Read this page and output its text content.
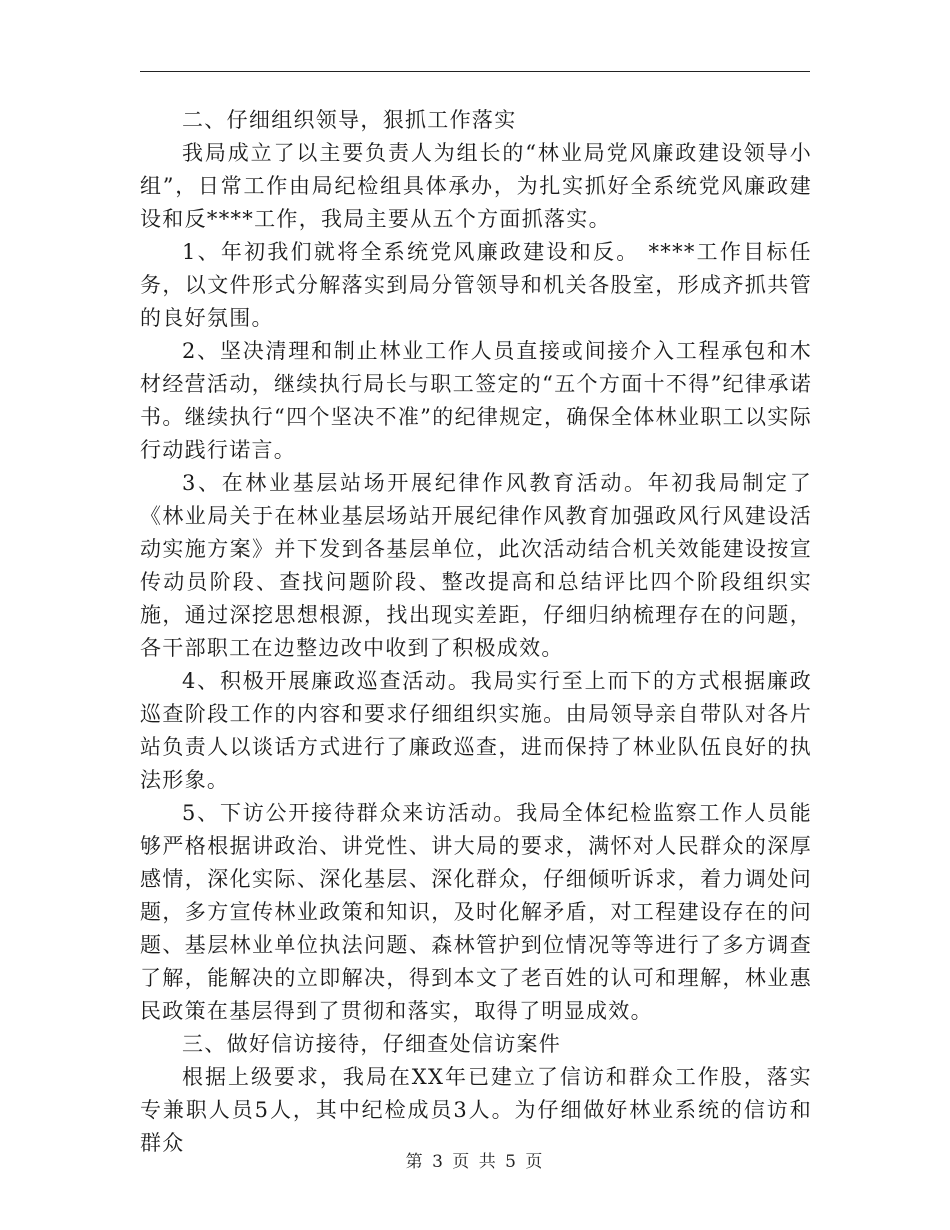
二、仔细组织领导，狠抓工作落实

我局成立了以主要负责人为组长的“林业局党风廉政建设领导小组”，日常工作由局纪检组具体承办，为扎实抓好全系统党风廉政建设和反****工作，我局主要从五个方面抓落实。

1、年初我们就将全系统党风廉政建设和反。 ****工作目标任务，以文件形式分解落实到局分管领导和机关各股室，形成齐抓共管的良好氛围。

2、坚决清理和制止林业工作人员直接或间接介入工程承包和木材经营活动，继续执行局长与职工签定的“五个方面十不得”纪律承诺书。继续执行“四个坚决不准”的纪律规定，确保全体林业职工以实际行动践行诺言。

3、在林业基层站场开展纪律作风教育活动。年初我局制定了《林业局关于在林业基层场站开展纪律作风教育加强政风行风建设活动实施方案》并下发到各基层单位，此次活动结合机关效能建设按宣传动员阶段、查找问题阶段、整改提高和总结评比四个阶段组织实施，通过深挖思想根源，找出现实差距，仔细归纳梳理存在的问题，各干部职工在边整边改中收到了积极成效。

4、积极开展廉政巡查活动。我局实行至上而下的方式根据廉政巡查阶段工作的内容和要求仔细组织实施。由局领导亲自带队对各片站负责人以谈话方式进行了廉政巡查，进而保持了林业队伍良好的执法形象。

5、下访公开接待群众来访活动。我局全体纪检监察工作人员能够严格根据讲政治、讲党性、讲大局的要求，满怀对人民群众的深厚感情，深化实际、深化基层、深化群众，仔细倾听诉求，着力调处问题，多方宣传林业政策和知识，及时化解矛盾，对工程建设存在的问题、基层林业单位执法问题、森林管护到位情况等等进行了多方调查了解，能解决的立即解决，得到本文了老百姓的认可和理解，林业惠民政策在基层得到了贯彻和落实，取得了明显成效。

三、做好信访接待，仔细查处信访案件

根据上级要求，我局在XX年已建立了信访和群众工作股，落实专兼职人员5人，其中纪检成员3人。为仔细做好林业系统的信访和群众

第 3 页 共 5 页
